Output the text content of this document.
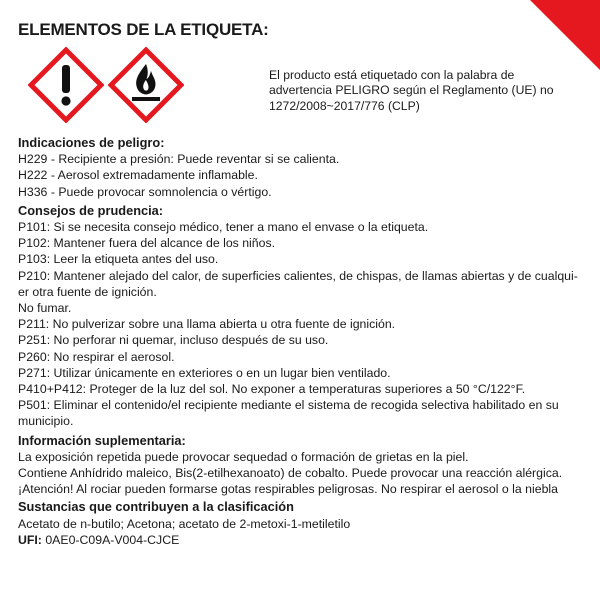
ELEMENTOS DE LA ETIQUETA:
El producto está etiquetado con la palabra de advertencia PELIGRO según el Reglamento (UE) no 1272/2008~2017/776 (CLP)
Indicaciones de peligro:

H229 - Recipiente a presión: Puede reventar si se calienta.

H222 - Aerosol extremadamente inflamable.

H336 - Puede provocar somnolencia o vértigo.

Consejos de prudencia:

P101: Si se necesita consejo médico, tener a mano el envase o la etiqueta.

P102: Mantener fuera del alcance de los niños.

P103: Leer la etiqueta antes del uso.

P210: Mantener alejado del calor, de superficies calientes, de chispas, de llamas abiertas y de cualqui-er otra fuente de ignición.

No fumar.

P211: No pulverizar sobre una llama abierta u otra fuente de ignición.

P251: No perforar ni quemar, incluso después de su uso.

P260: No respirar el aerosol.

P271: Utilizar únicamente en exteriores o en un lugar bien ventilado.

P410+P412: Proteger de la luz del sol. No exponer a temperaturas superiores a 50 °C/122°F.

P501: Eliminar el contenido/el recipiente mediante el sistema de recogida selectiva habilitado en su municipio.

Información suplementaria:

La exposición repetida puede provocar sequedad o formación de grietas en la piel.

Contiene Anhídrido maleico, Bis(2-etilhexanoato) de cobalto. Puede provocar una reacción alérgica.

¡Atención! Al rociar pueden formarse gotas respirables peligrosas. No respirar el aerosol o la niebla

Sustancias que contribuyen a la clasificación

Acetato de n-butilo; Acetona; acetato de 2-metoxi-1-metiletilo

UFI: 0AE0-C09A-V004-CJCE
